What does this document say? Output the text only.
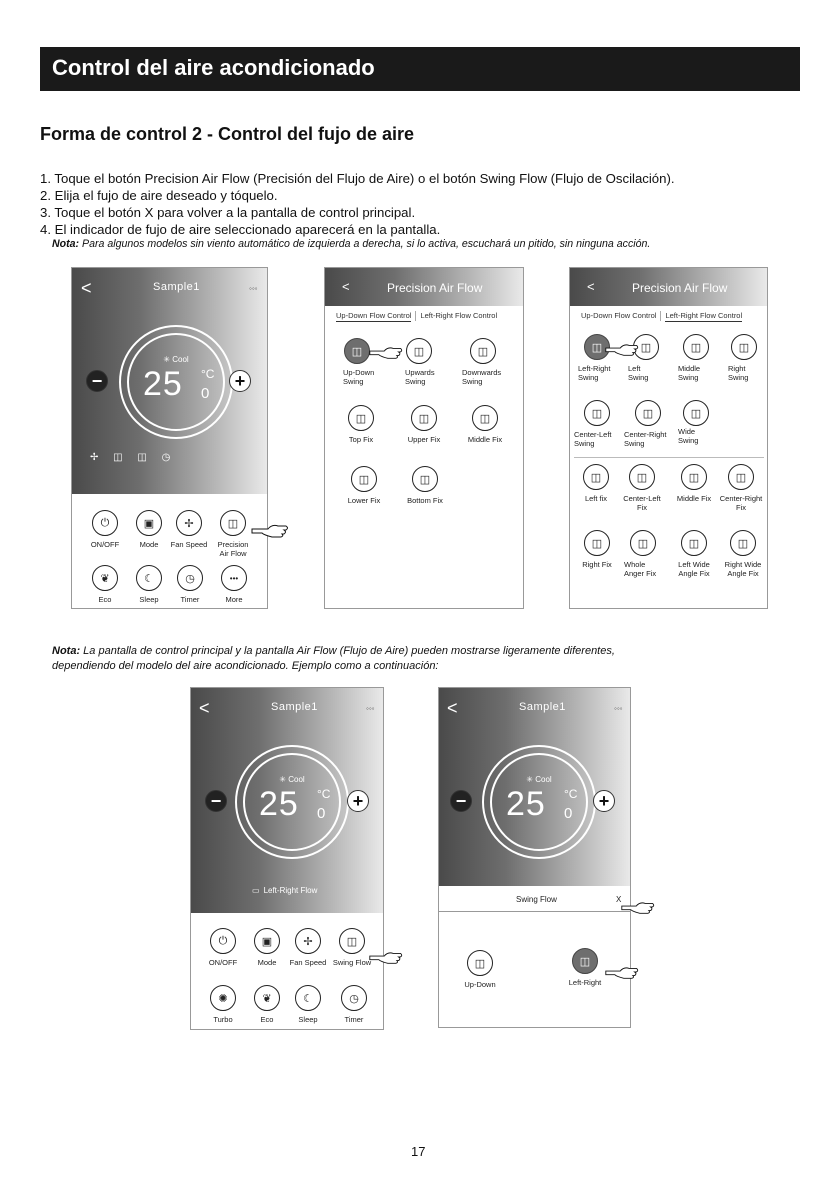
Control del aire acondicionado
Forma de control 2 - Control del fujo de aire
1. Toque el botón Precision Air Flow (Precisión del Flujo de Aire) o el botón Swing Flow (Flujo de Oscilación).
2. Elija el fujo de aire deseado y tóquelo.
3. Toque el botón X para volver a la pantalla de control principal.
4. El indicador de fujo de aire seleccionado aparecerá en la pantalla.
Nota: Para algunos modelos sin viento automático de izquierda a derecha, si lo activa, escuchará un pitido, sin ninguna acción.
<	Sample1	◦◦◦
✳ Cool
25 °C
0
−	+
✢ ◫ ◫ ◷
⏻
ON/OFF
▣
Mode
✢
Fan Speed
◫
Precision
Air Flow
❦
Eco
☾
Sleep
◷
Timer
•••
More
<	Precision Air Flow
Up-Down Flow Control Left-Right Flow Control
◫
Up-Down
Swing
◫
Upwards
Swing
◫
Downwards
Swing
◫
Top Fix
◫
Upper Fix
◫
Middle Fix
◫
Lower Fix
◫
Bottom Fix
<	Precision Air Flow
Up-Down Flow Control Left-Right Flow Control
◫
Left-Right
Swing
◫
Left
Swing
◫
Middle
Swing
◫
Right
Swing
◫
Center-Left
Swing
◫
Center-Right
Swing
◫
Wide
Swing
◫
Left fix
◫
Center-Left
Fix
◫
Middle Fix
◫
Center-Right
Fix
◫
Right Fix
◫
Whole
Anger Fix
◫
Left Wide
Angle Fix
◫
Right Wide
Angle Fix
Nota: La pantalla de control principal y la pantalla Air Flow (Flujo de Aire) pueden mostrarse ligeramente diferentes,
dependiendo del modelo del aire acondicionado. Ejemplo como a continuación:
<	Sample1	◦◦◦
✳ Cool
25 °C
0
−	+
▭ Left-Right Flow
⏻
ON/OFF
▣
Mode
✢
Fan Speed
◫
Swing Flow
✺
Turbo
❦
Eco
☾
Sleep
◷
Timer
<	Sample1	◦◦◦
✳ Cool
25 °C
0
−	+
Swing Flow	X
◫
Up-Down
◫
Left-Right
17
